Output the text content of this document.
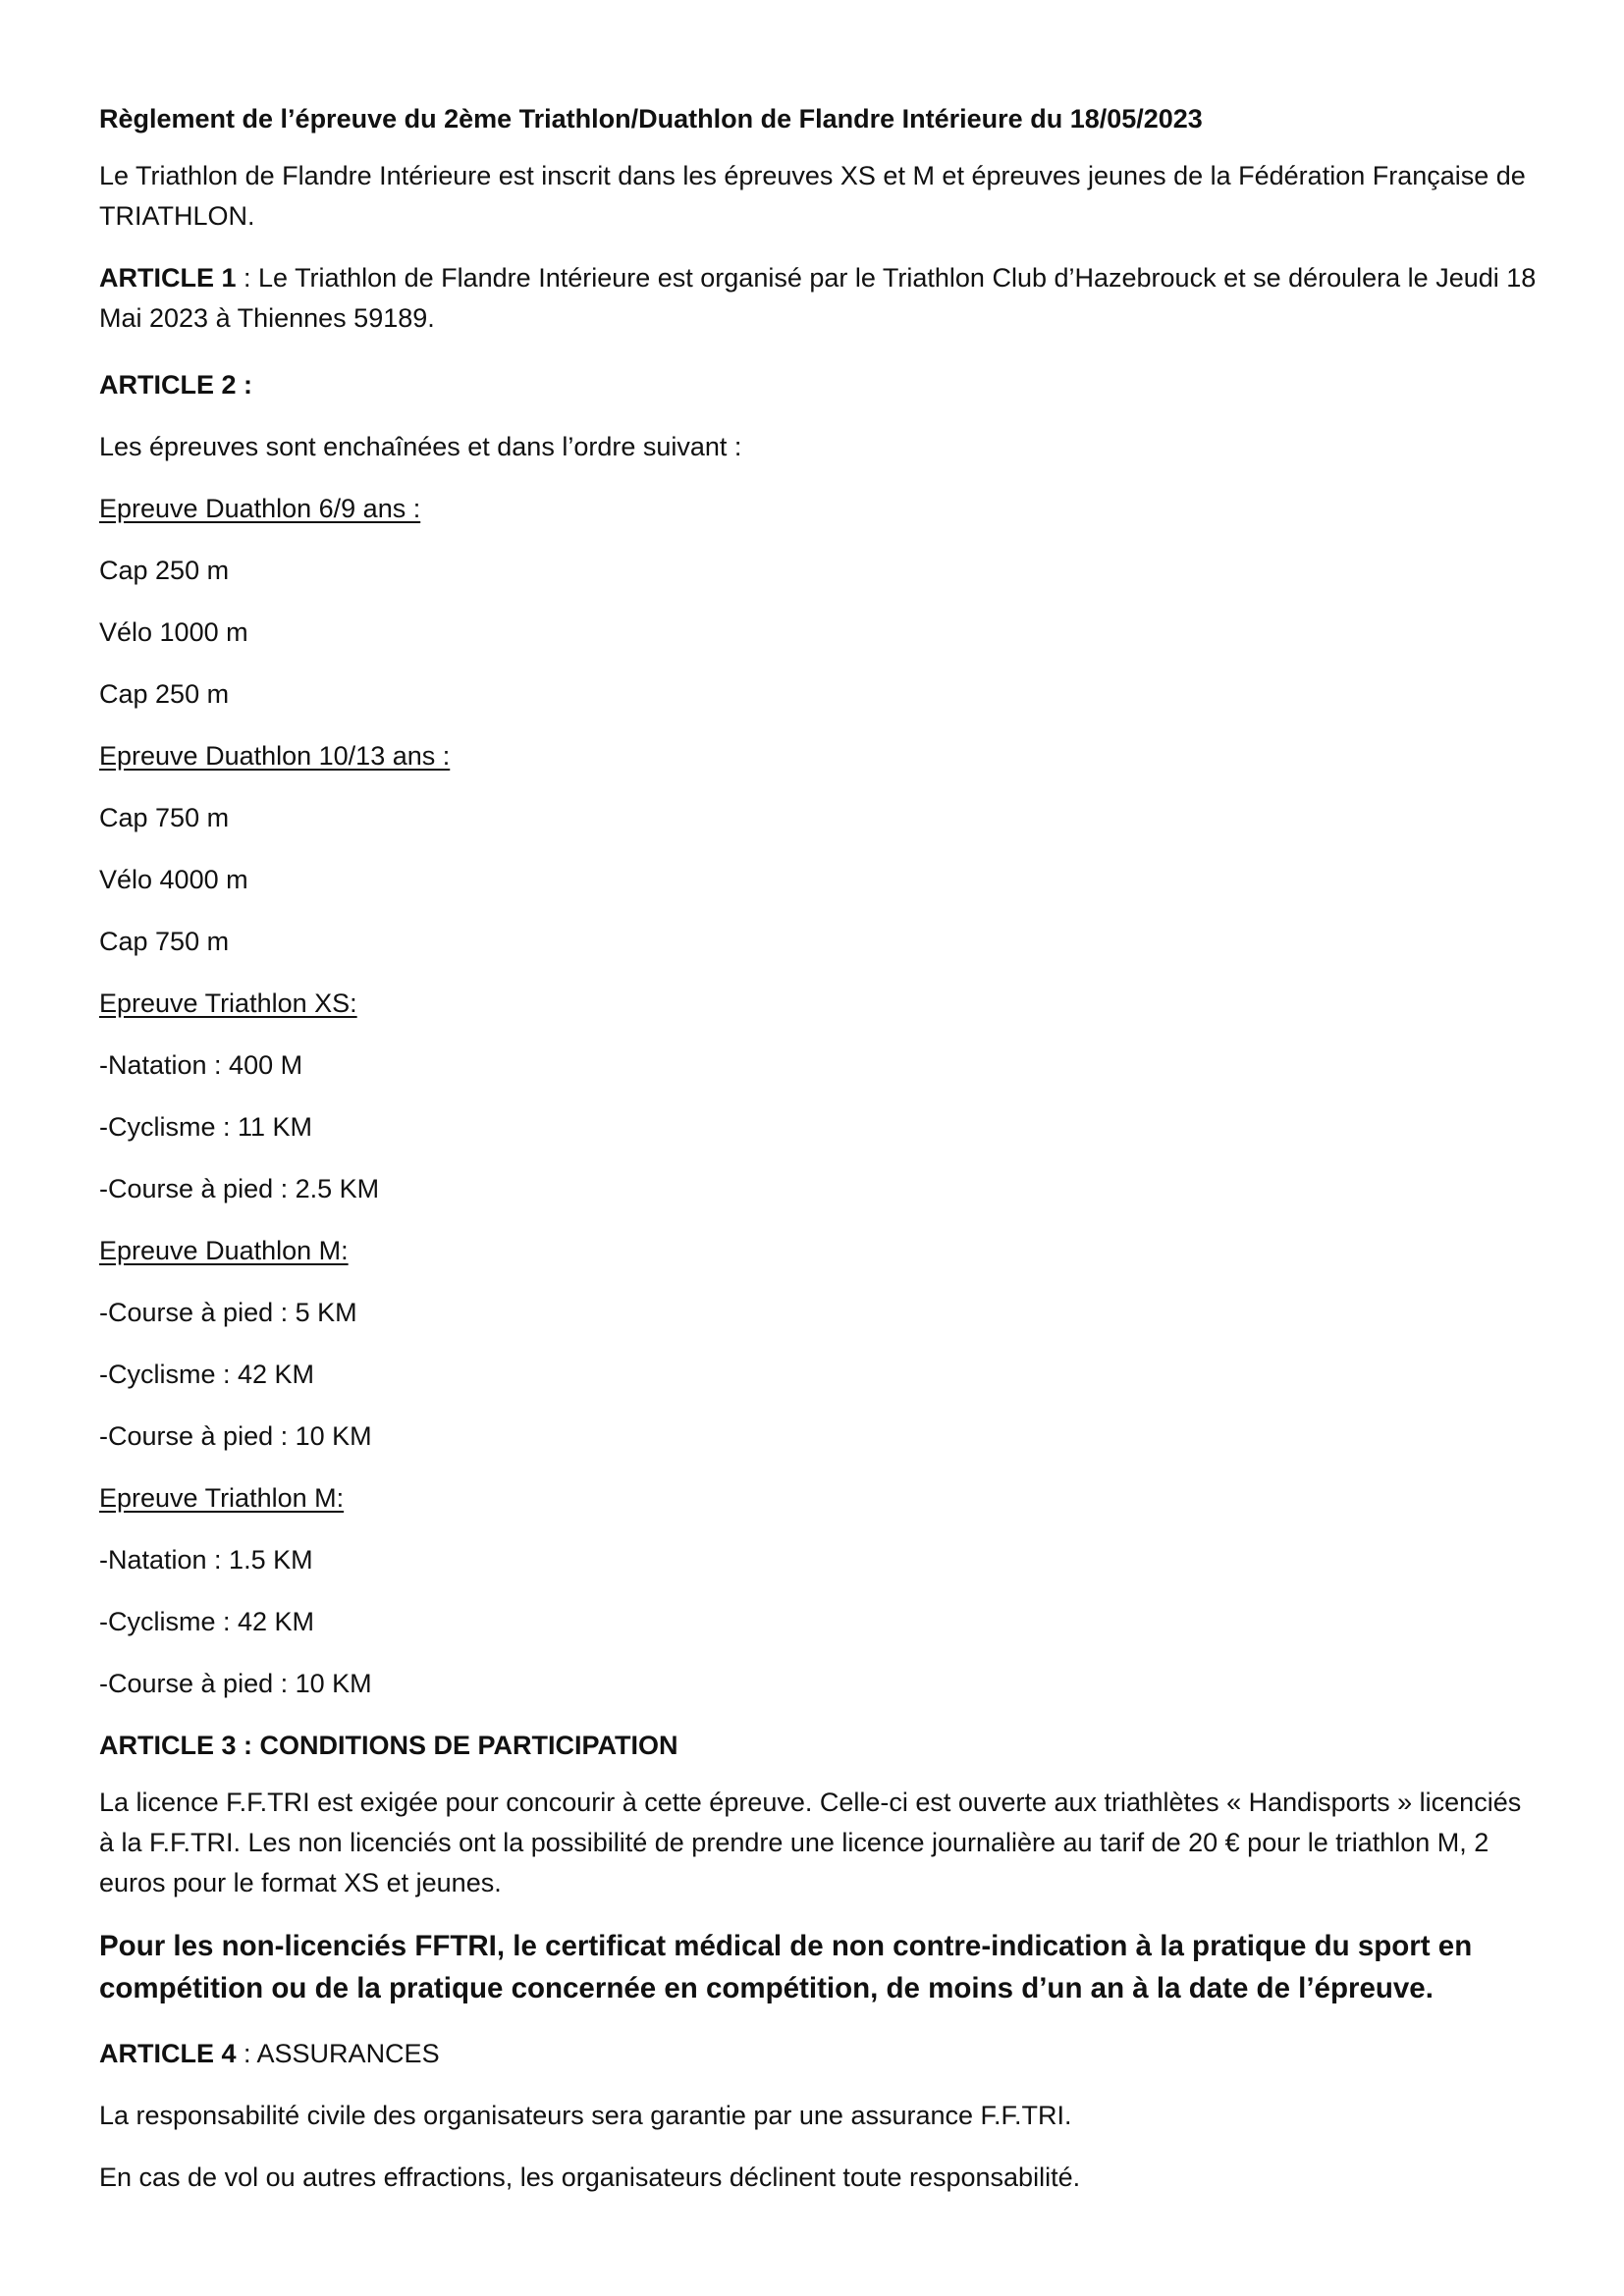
Règlement de l’épreuve du 2ème Triathlon/Duathlon de Flandre Intérieure du 18/05/2023
Le Triathlon de Flandre Intérieure est inscrit dans les épreuves XS et M et épreuves jeunes de la Fédération Française de TRIATHLON.
ARTICLE 1 : Le Triathlon de Flandre Intérieure est organisé par le Triathlon Club d’Hazebrouck et se déroulera le Jeudi 18 Mai 2023 à Thiennes 59189.
ARTICLE 2 :
Les épreuves sont enchaînées et dans l’ordre suivant :
Epreuve Duathlon 6/9 ans :
Cap 250 m
Vélo 1000 m
Cap 250 m
Epreuve Duathlon 10/13 ans :
Cap 750 m
Vélo 4000 m
Cap 750 m
Epreuve Triathlon XS:
-Natation : 400 M
-Cyclisme : 11 KM
-Course à pied : 2.5 KM
Epreuve Duathlon M:
-Course à pied : 5 KM
-Cyclisme : 42 KM
-Course à pied : 10 KM
Epreuve Triathlon M:
-Natation : 1.5 KM
-Cyclisme : 42 KM
-Course à pied : 10 KM
ARTICLE 3 : CONDITIONS DE PARTICIPATION
La licence F.F.TRI est exigée pour concourir à cette épreuve. Celle-ci est ouverte aux triathlètes « Handisports » licenciés à la F.F.TRI. Les non licenciés ont la possibilité de prendre une licence journalière au tarif de 20 € pour le triathlon M, 2 euros pour le format XS et jeunes.
Pour les non-licenciés FFTRI, le certificat médical de non contre-indication à la pratique du sport en compétition ou de la pratique concernée en compétition, de moins d’un an à la date de l’épreuve.
ARTICLE 4 : ASSURANCES
La responsabilité civile des organisateurs sera garantie par une assurance F.F.TRI.
En cas de vol ou autres effractions, les organisateurs déclinent toute responsabilité.
